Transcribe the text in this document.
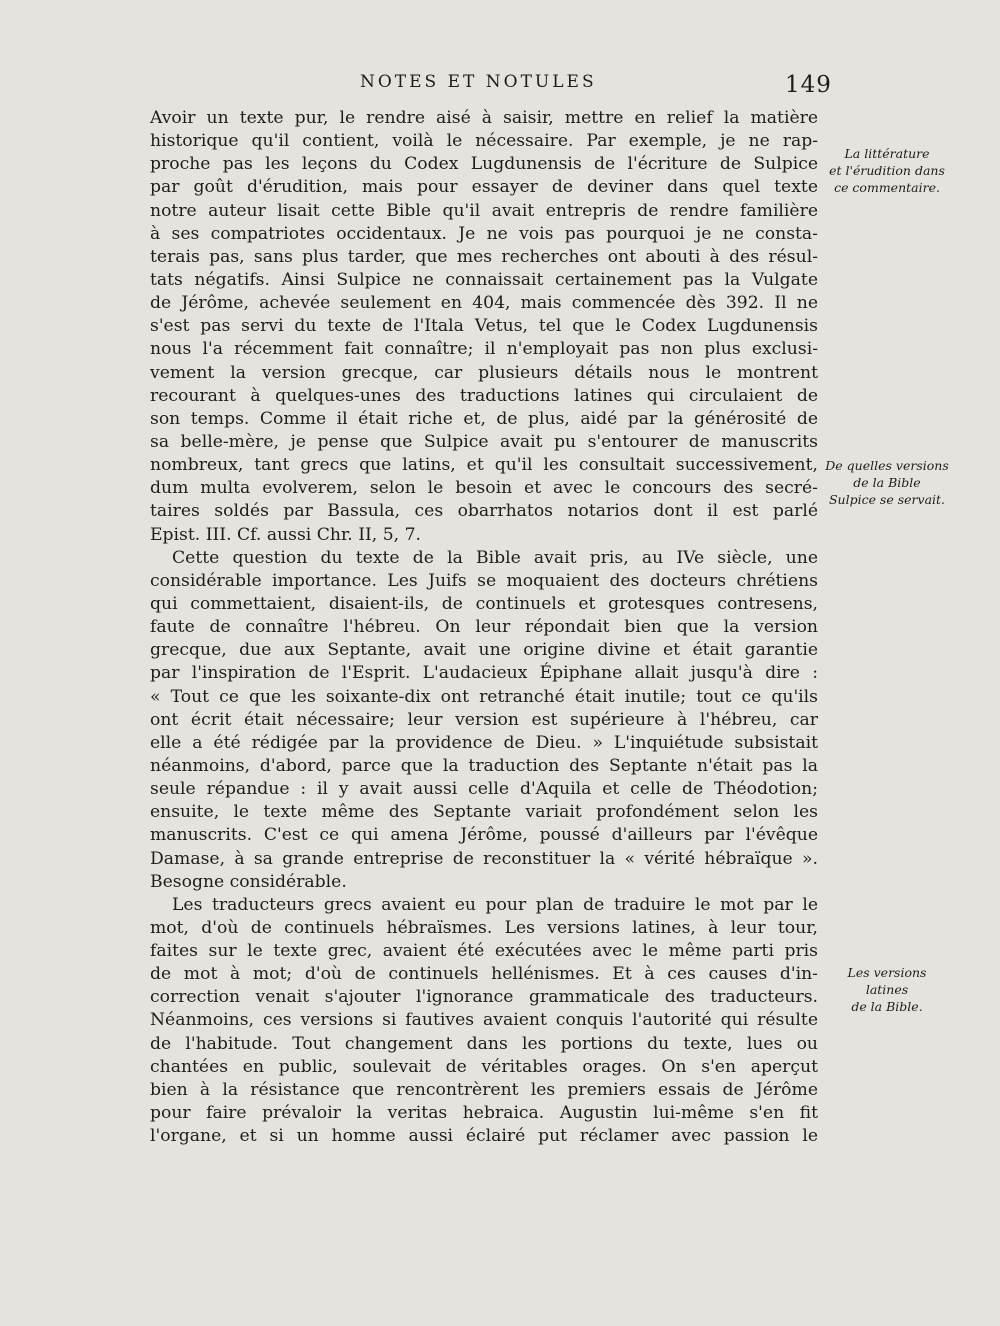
NOTES ET NOTULES	149
Avoir un texte pur, le rendre aisé à saisir, mettre en relief la matière
historique qu'il contient, voilà le nécessaire. Par exemple, je ne rap-
proche pas les leçons du Codex Lugdunensis de l'écriture de Sulpice
par goût d'érudition, mais pour essayer de deviner dans quel texte
notre auteur lisait cette Bible qu'il avait entrepris de rendre familière
à ses compatriotes occidentaux. Je ne vois pas pourquoi je ne consta-
terais pas, sans plus tarder, que mes recherches ont abouti à des résul-
tats négatifs. Ainsi Sulpice ne connaissait certainement pas la Vulgate
de Jérôme, achevée seulement en 404, mais commencée dès 392. Il ne
s'est pas servi du texte de l'Itala Vetus, tel que le Codex Lugdunensis
nous l'a récemment fait connaître; il n'employait pas non plus exclusi-
vement la version grecque, car plusieurs détails nous le montrent
recourant à quelques-unes des traductions latines qui circulaient de
son temps. Comme il était riche et, de plus, aidé par la générosité de
sa belle-mère, je pense que Sulpice avait pu s'entourer de manuscrits
nombreux, tant grecs que latins, et qu'il les consultait successivement,
dum multa evolverem, selon le besoin et avec le concours des secré-
taires soldés par Bassula, ces obarrhatos notarios dont il est parlé
Epist. III. Cf. aussi Chr. II, 5, 7.
Cette question du texte de la Bible avait pris, au IVe siècle, une
considérable importance. Les Juifs se moquaient des docteurs chrétiens
qui commettaient, disaient-ils, de continuels et grotesques contresens,
faute de connaître l'hébreu. On leur répondait bien que la version
grecque, due aux Septante, avait une origine divine et était garantie
par l'inspiration de l'Esprit. L'audacieux Épiphane allait jusqu'à dire :
« Tout ce que les soixante-dix ont retranché était inutile; tout ce qu'ils
ont écrit était nécessaire; leur version est supérieure à l'hébreu, car
elle a été rédigée par la providence de Dieu. » L'inquiétude subsistait
néanmoins, d'abord, parce que la traduction des Septante n'était pas la
seule répandue : il y avait aussi celle d'Aquila et celle de Théodotion;
ensuite, le texte même des Septante variait profondément selon les
manuscrits. C'est ce qui amena Jérôme, poussé d'ailleurs par l'évêque
Damase, à sa grande entreprise de reconstituer la « vérité hébraïque ».
Besogne considérable.
Les traducteurs grecs avaient eu pour plan de traduire le mot par le
mot, d'où de continuels hébraïsmes. Les versions latines, à leur tour,
faites sur le texte grec, avaient été exécutées avec le même parti pris
de mot à mot; d'où de continuels hellénismes. Et à ces causes d'in-
correction venait s'ajouter l'ignorance grammaticale des traducteurs.
Néanmoins, ces versions si fautives avaient conquis l'autorité qui résulte
de l'habitude. Tout changement dans les portions du texte, lues ou
chantées en public, soulevait de véritables orages. On s'en aperçut
bien à la résistance que rencontrèrent les premiers essais de Jérôme
pour faire prévaloir la veritas hebraica. Augustin lui-même s'en fit
l'organe, et si un homme aussi éclairé put réclamer avec passion le
La littérature
et l'érudition dans
ce commentaire.
De quelles versions
de la Bible
Sulpice se servait.
Les versions
latines
de la Bible.
